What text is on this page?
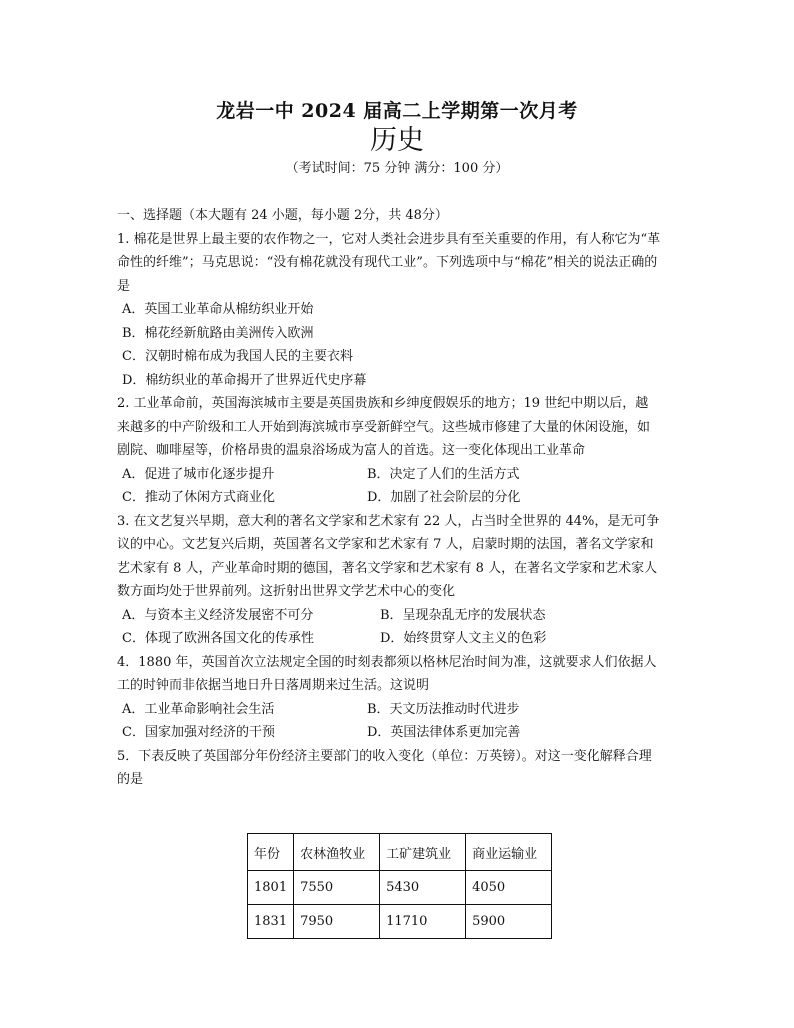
龙岩一中 2024 届高二上学期第一次月考
历史
（考试时间：75 分钟 满分：100 分）
一、选择题（本大题有 24 小题，每小题 2分，共 48分）
1. 棉花是世界上最主要的农作物之一，它对人类社会进步具有至关重要的作用，有人称它为“革
命性的纤维”；马克思说：“没有棉花就没有现代工业”。下列选项中与“棉花”相关的说法正确的
是
A．英国工业革命从棉纺织业开始
B．棉花经新航路由美洲传入欧洲
C．汉朝时棉布成为我国人民的主要衣料
D．棉纺织业的革命揭开了世界近代史序幕
2. 工业革命前，英国海滨城市主要是英国贵族和乡绅度假娱乐的地方；19 世纪中期以后，越
来越多的中产阶级和工人开始到海滨城市享受新鲜空气。这些城市修建了大量的休闲设施，如
剧院、咖啡屋等，价格昂贵的温泉浴场成为富人的首选。这一变化体现出工业革命
A．促进了城市化逐步提升	B．决定了人们的生活方式
C．推动了休闲方式商业化	D．加剧了社会阶层的分化
3. 在文艺复兴早期，意大利的著名文学家和艺术家有 22 人，占当时全世界的 44%，是无可争
议的中心。文艺复兴后期，英国著名文学家和艺术家有 7 人，启蒙时期的法国，著名文学家和
艺术家有 8 人，产业革命时期的德国，著名文学家和艺术家有 8 人，在著名文学家和艺术家人
数方面均处于世界前列。这折射出世界文学艺术中心的变化
A．与资本主义经济发展密不可分	B．呈现杂乱无序的发展状态
C．体现了欧洲各国文化的传承性	D．始终贯穿人文主义的色彩
4．1880 年，英国首次立法规定全国的时刻表都须以格林尼治时间为准，这就要求人们依据人
工的时钟而非依据当地日升日落周期来过生活。这说明
A．工业革命影响社会生活	B．天文历法推动时代进步
C．国家加强对经济的干预	D．英国法律体系更加完善
5．下表反映了英国部分年份经济主要部门的收入变化（单位：万英镑）。对这一变化解释合理
的是
年份	农林渔牧业	工矿建筑业	商业运输业
1801	7550	5430	4050
1831	7950	11710	5900
